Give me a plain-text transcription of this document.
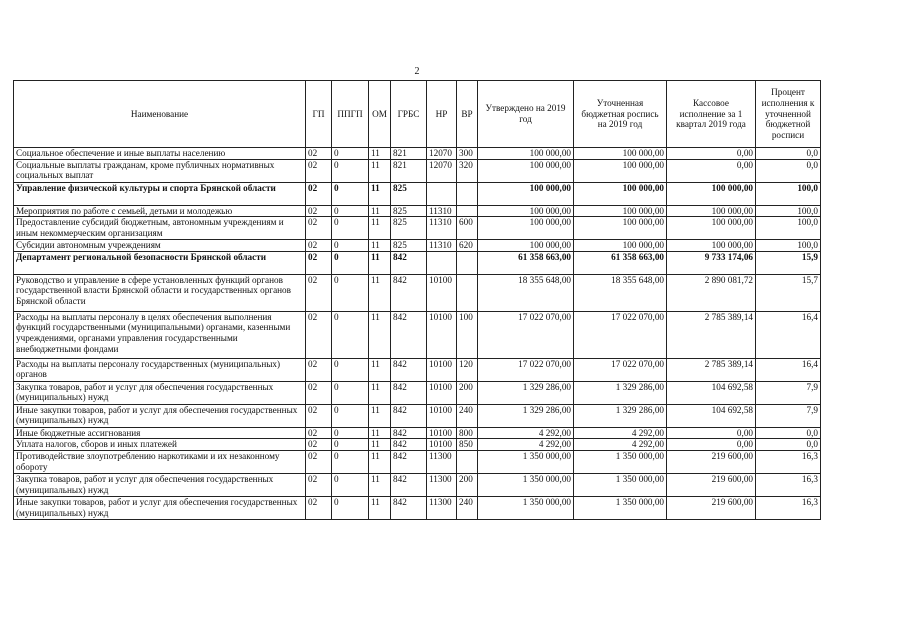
2
Наименование	ГП	ППГП	ОМ	ГРБС	НР	ВР	Утверждено на 2019 год	Уточненная бюджетная роспись на 2019 год	Кассовое исполнение за 1 квартал 2019 года	Процент исполнения к уточненной бюджетной росписи
Социальное обеспечение и иные выплаты населению	02	0	11	821	12070	300	100 000,00	100 000,00	0,00	0,0
Социальные выплаты гражданам, кроме публичных нормативных социальных выплат	02	0	11	821	12070	320	100 000,00	100 000,00	0,00	0,0
Управление физической культуры и спорта Брянской области	02	0	11	825			100 000,00	100 000,00	100 000,00	100,0
Мероприятия по работе с семьей, детьми и молодежью	02	0	11	825	11310		100 000,00	100 000,00	100 000,00	100,0
Предоставление субсидий бюджетным, автономным учреждениям и иным некоммерческим организациям	02	0	11	825	11310	600	100 000,00	100 000,00	100 000,00	100,0
Субсидии автономным учреждениям	02	0	11	825	11310	620	100 000,00	100 000,00	100 000,00	100,0
Департамент региональной безопасности Брянской области	02	0	11	842			61 358 663,00	61 358 663,00	9 733 174,06	15,9
Руководство и управление в сфере установленных функций органов государственной власти Брянской области и государственных органов Брянской области	02	0	11	842	10100		18 355 648,00	18 355 648,00	2 890 081,72	15,7
Расходы на выплаты персоналу в целях обеспечения выполнения функций государственными (муниципальными) органами, казенными учреждениями, органами управления государственными внебюджетными фондами	02	0	11	842	10100	100	17 022 070,00	17 022 070,00	2 785 389,14	16,4
Расходы на выплаты персоналу государственных (муниципальных) органов	02	0	11	842	10100	120	17 022 070,00	17 022 070,00	2 785 389,14	16,4
Закупка товаров, работ и услуг для обеспечения государственных (муниципальных) нужд	02	0	11	842	10100	200	1 329 286,00	1 329 286,00	104 692,58	7,9
Иные закупки товаров, работ и услуг для обеспечения государственных (муниципальных) нужд	02	0	11	842	10100	240	1 329 286,00	1 329 286,00	104 692,58	7,9
Иные бюджетные ассигнования	02	0	11	842	10100	800	4 292,00	4 292,00	0,00	0,0
Уплата налогов, сборов и иных платежей	02	0	11	842	10100	850	4 292,00	4 292,00	0,00	0,0
Противодействие злоупотреблению наркотиками и их незаконному обороту	02	0	11	842	11300		1 350 000,00	1 350 000,00	219 600,00	16,3
Закупка товаров, работ и услуг для обеспечения государственных (муниципальных) нужд	02	0	11	842	11300	200	1 350 000,00	1 350 000,00	219 600,00	16,3
Иные закупки товаров, работ и услуг для обеспечения государственных (муниципальных) нужд	02	0	11	842	11300	240	1 350 000,00	1 350 000,00	219 600,00	16,3
